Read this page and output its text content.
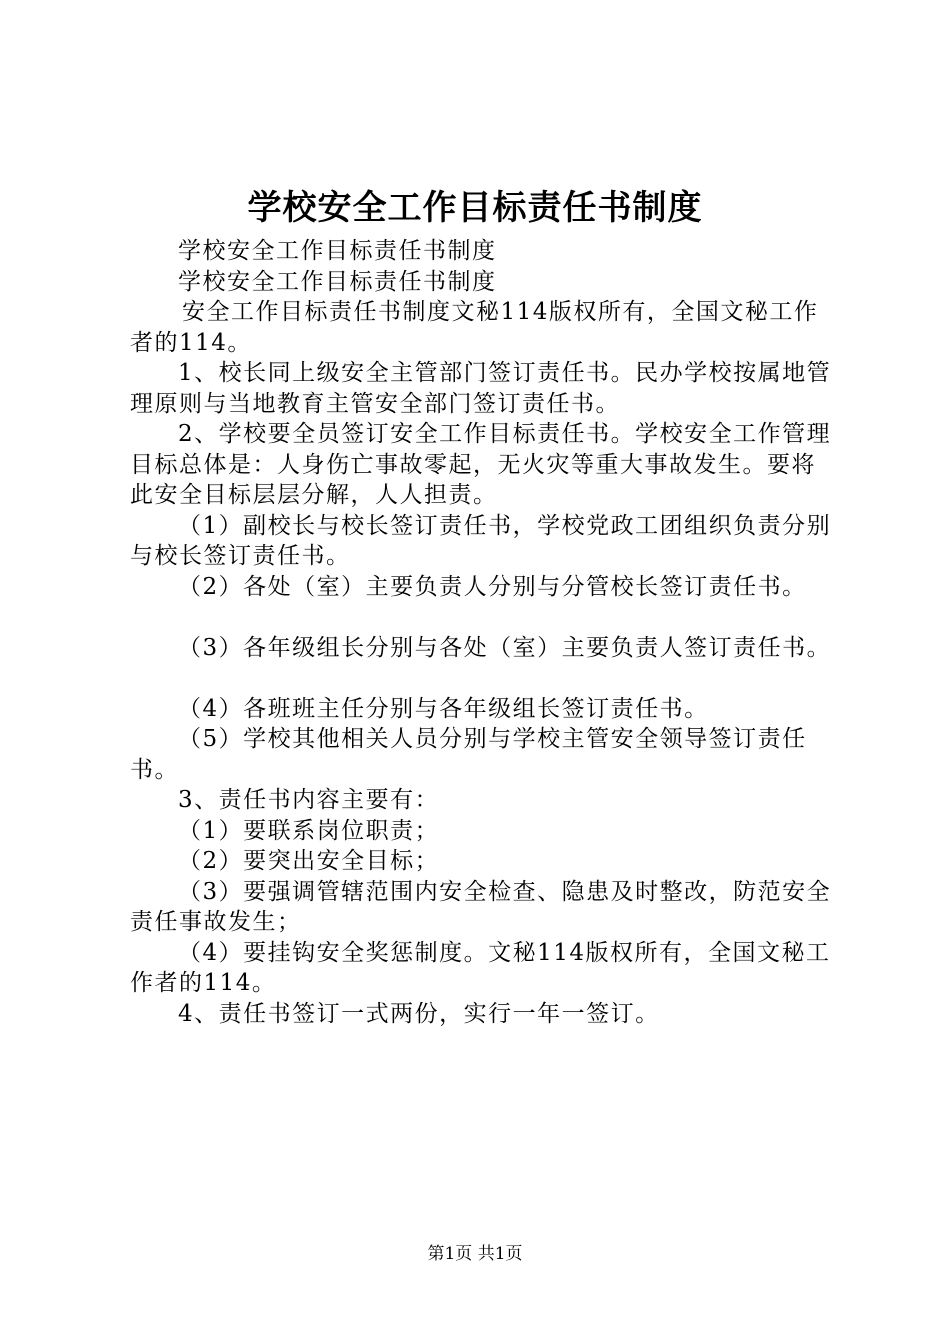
学校安全工作目标责任书制度

学校安全工作目标责任书制度

学校安全工作目标责任书制度

安全工作目标责任书制度文秘114版权所有，全国文秘工作者的114。

1、校长同上级安全主管部门签订责任书。民办学校按属地管理原则与当地教育主管安全部门签订责任书。

2、学校要全员签订安全工作目标责任书。学校安全工作管理目标总体是：人身伤亡事故零起，无火灾等重大事故发生。要将此安全目标层层分解，人人担责。

（1）副校长与校长签订责任书，学校党政工团组织负责分别与校长签订责任书。

（2）各处（室）主要负责人分别与分管校长签订责任书。

（3）各年级组长分别与各处（室）主要负责人签订责任书。

（4）各班班主任分别与各年级组长签订责任书。

（5）学校其他相关人员分别与学校主管安全领导签订责任书。

3、责任书内容主要有：

（1）要联系岗位职责；

（2）要突出安全目标；

（3）要强调管辖范围内安全检查、隐患及时整改，防范安全责任事故发生；

（4）要挂钩安全奖惩制度。文秘114版权所有，全国文秘工作者的114。

4、责任书签订一式两份，实行一年一签订。

第1页 共1页
